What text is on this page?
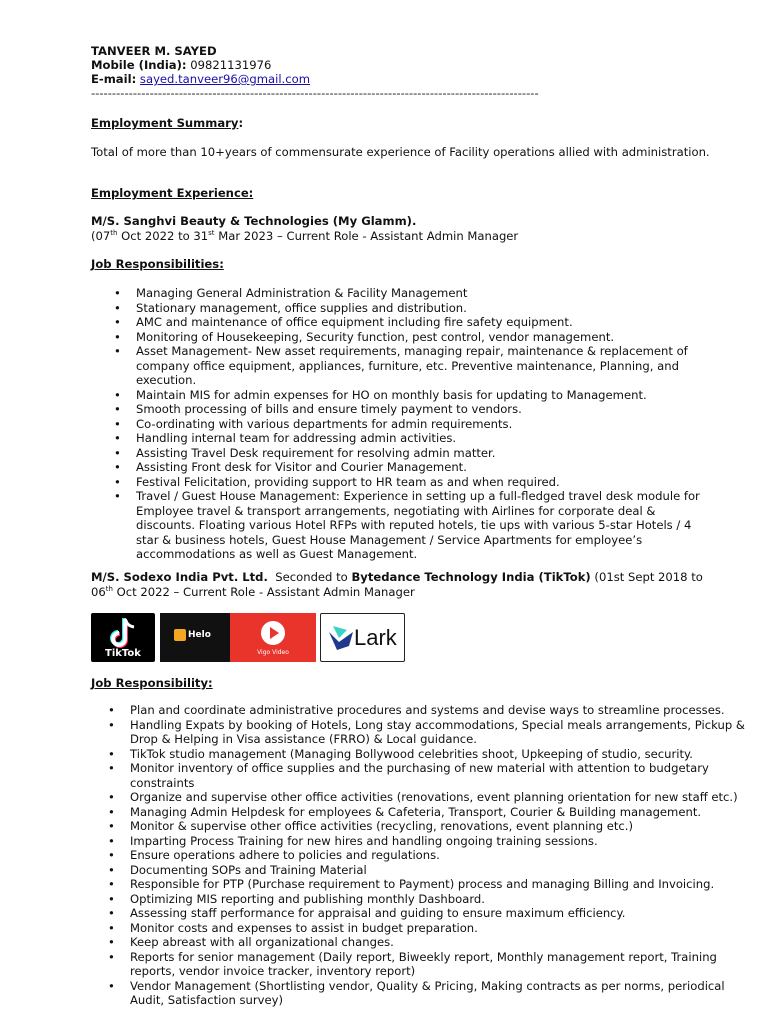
TANVEER M. SAYED
Mobile (India): 09821131976
E-mail: sayed.tanveer96@gmail.com
-----------------------------------------------------------------------------------------------------------
Employment Summary:
Total of more than 10+years of commensurate experience of Facility operations allied with administration.
Employment Experience:
M/S. Sanghvi Beauty & Technologies (My Glamm).
(07th Oct 2022 to 31st Mar 2023 – Current Role - Assistant Admin Manager
Job Responsibilities:
• Managing General Administration & Facility Management
• Stationary management, office supplies and distribution.
• AMC and maintenance of office equipment including fire safety equipment.
• Monitoring of Housekeeping, Security function, pest control, vendor management.
• Asset Management- New asset requirements, managing repair, maintenance & replacement of company office equipment, appliances, furniture, etc. Preventive maintenance, Planning, and execution.
• Maintain MIS for admin expenses for HO on monthly basis for updating to Management.
• Smooth processing of bills and ensure timely payment to vendors.
• Co-ordinating with various departments for admin requirements.
• Handling internal team for addressing admin activities.
• Assisting Travel Desk requirement for resolving admin matter.
• Assisting Front desk for Visitor and Courier Management.
• Festival Felicitation, providing support to HR team as and when required.
• Travel / Guest House Management: Experience in setting up a full-fledged travel desk module for Employee travel & transport arrangements, negotiating with Airlines for corporate deal & discounts. Floating various Hotel RFPs with reputed hotels, tie ups with various 5-star Hotels / 4 star & business hotels, Guest House Management / Service Apartments for employee’s accommodations as well as Guest Management.
M/S. Sodexo India Pvt. Ltd.  Seconded to Bytedance Technology India (TikTok) (01st Sept 2018 to
06th Oct 2022 – Current Role - Assistant Admin Manager
TikTok
Helo
Vigo Video
Lark
Job Responsibility:
• Plan and coordinate administrative procedures and systems and devise ways to streamline processes.
• Handling Expats by booking of Hotels, Long stay accommodations, Special meals arrangements, Pickup & Drop & Helping in Visa assistance (FRRO) & Local guidance.
• TikTok studio management (Managing Bollywood celebrities shoot, Upkeeping of studio, security.
• Monitor inventory of office supplies and the purchasing of new material with attention to budgetary constraints
• Organize and supervise other office activities (renovations, event planning orientation for new staff etc.)
• Managing Admin Helpdesk for employees & Cafeteria, Transport, Courier & Building management.
• Monitor & supervise other office activities (recycling, renovations, event planning etc.)
• Imparting Process Training for new hires and handling ongoing training sessions.
• Ensure operations adhere to policies and regulations.
• Documenting SOPs and Training Material
• Responsible for PTP (Purchase requirement to Payment) process and managing Billing and Invoicing.
• Optimizing MIS reporting and publishing monthly Dashboard.
• Assessing staff performance for appraisal and guiding to ensure maximum efficiency.
• Monitor costs and expenses to assist in budget preparation.
• Keep abreast with all organizational changes.
• Reports for senior management (Daily report, Biweekly report, Monthly management report, Training reports, vendor invoice tracker, inventory report)
• Vendor Management (Shortlisting vendor, Quality & Pricing, Making contracts as per norms, periodical Audit, Satisfaction survey)
